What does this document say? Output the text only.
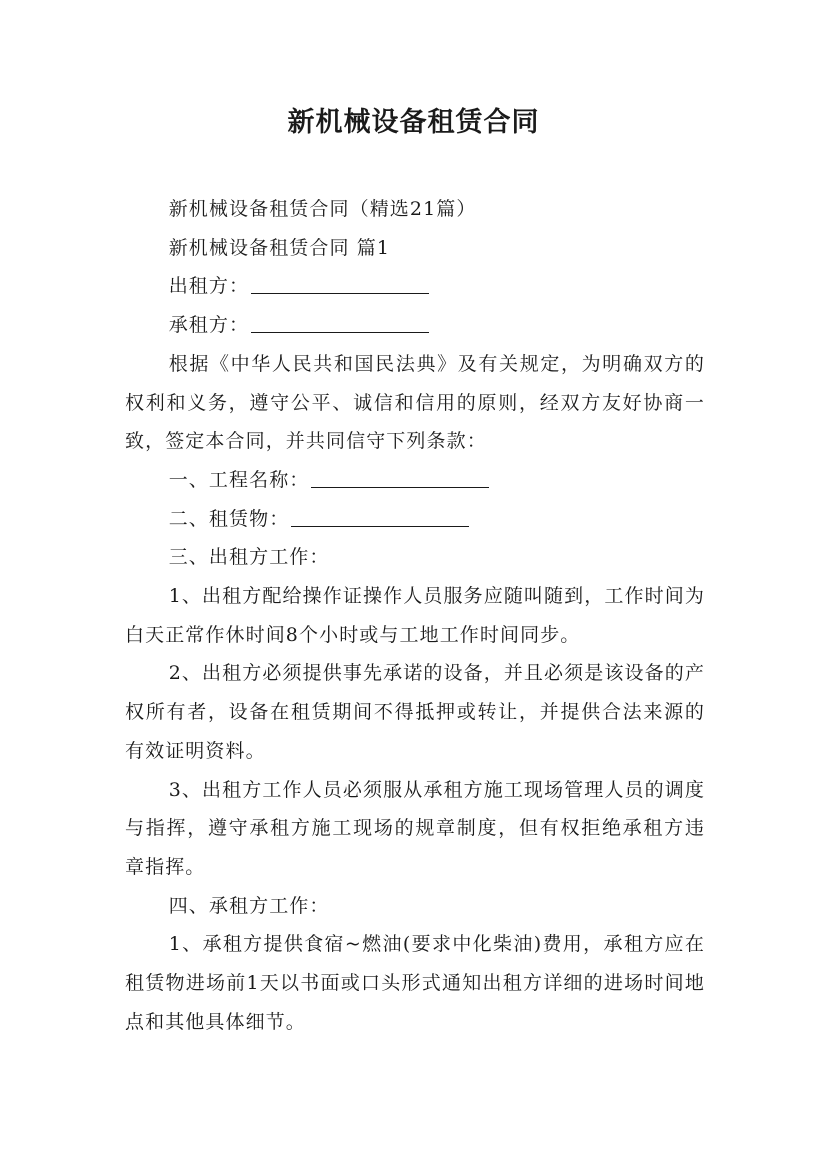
新机械设备租赁合同

新机械设备租赁合同（精选21篇）

新机械设备租赁合同 篇1

出租方：

承租方：

根据《中华人民共和国民法典》及有关规定，为明确双方的权利和义务，遵守公平、诚信和信用的原则，经双方友好协商一致，签定本合同，并共同信守下列条款：

一、工程名称：

二、租赁物：

三、出租方工作：

1、出租方配给操作证操作人员服务应随叫随到，工作时间为白天正常作休时间8个小时或与工地工作时间同步。

2、出租方必须提供事先承诺的设备，并且必须是该设备的产权所有者，设备在租赁期间不得抵押或转让，并提供合法来源的有效证明资料。

3、出租方工作人员必须服从承租方施工现场管理人员的调度与指挥，遵守承租方施工现场的规章制度，但有权拒绝承租方违章指挥。

四、承租方工作：

1、承租方提供食宿~燃油(要求中化柴油)费用，承租方应在租赁物进场前1天以书面或口头形式通知出租方详细的进场时间地点和其他具体细节。
